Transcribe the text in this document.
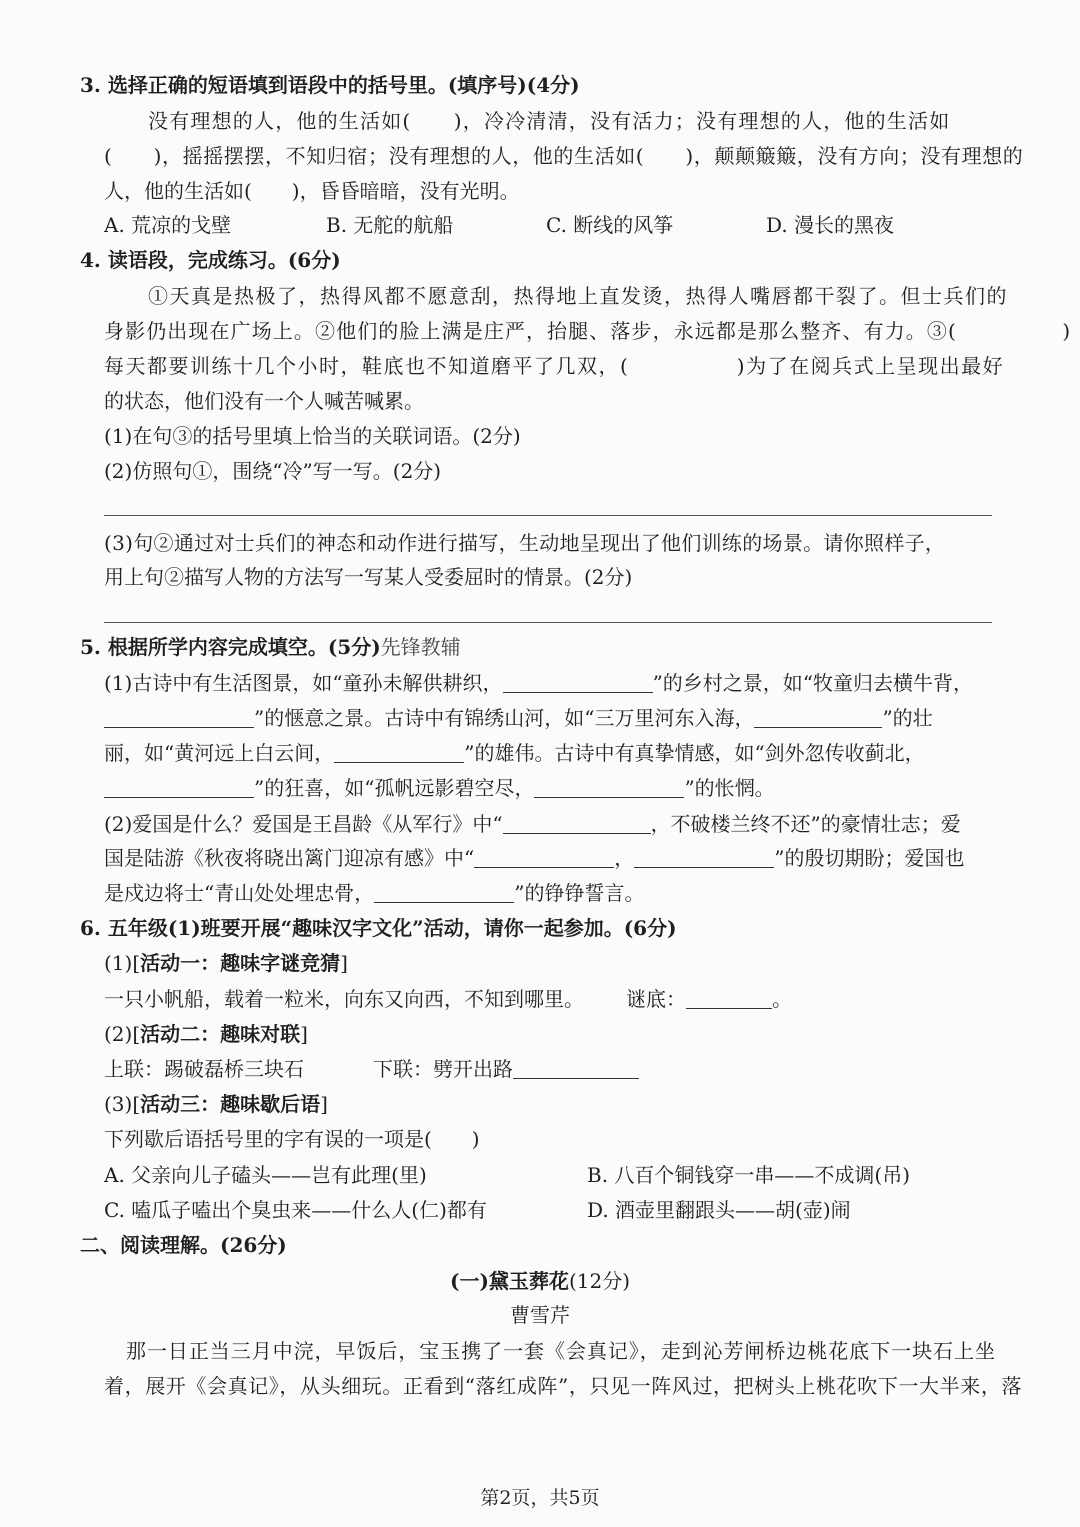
3. 选择正确的短语填到语段中的括号里。(填序号)(4分)
没有理想的人，他的生活如(　　)，冷冷清清，没有活力；没有理想的人，他的生活如
(　　)，摇摇摆摆，不知归宿；没有理想的人，他的生活如(　　)，颠颠簸簸，没有方向；没有理想的
人，他的生活如(　　)，昏昏暗暗，没有光明。
A. 荒凉的戈壁	B. 无舵的航船	C. 断线的风筝	D. 漫长的黑夜
4. 读语段，完成练习。(6分)
①天真是热极了，热得风都不愿意刮，热得地上直发烫，热得人嘴唇都干裂了。但士兵们的
身影仍出现在广场上。②他们的脸上满是庄严，抬腿、落步，永远都是那么整齐、有力。③(　　　　　)
每天都要训练十几个小时，鞋底也不知道磨平了几双，(　　　　　)为了在阅兵式上呈现出最好
的状态，他们没有一个人喊苦喊累。
(1)在句③的括号里填上恰当的关联词语。(2分)
(2)仿照句①，围绕“冷”写一写。(2分)
(3)句②通过对士兵们的神态和动作进行描写，生动地呈现出了他们训练的场景。请你照样子，
用上句②描写人物的方法写一写某人受委屈时的情景。(2分)
5. 根据所学内容完成填空。(5分)先锋教辅
(1)古诗中有生活图景，如“童孙未解供耕织，	”的乡村之景，如“牧童归去横牛背，
”的惬意之景。古诗中有锦绣山河，如“三万里河东入海，	”的壮
丽，如“黄河远上白云间，	”的雄伟。古诗中有真挚情感，如“剑外忽传收蓟北，
”的狂喜，如“孤帆远影碧空尽，	”的怅惘。
(2)爱国是什么？爱国是王昌龄《从军行》中“	，不破楼兰终不还”的豪情壮志；爱
国是陆游《秋夜将晓出篱门迎凉有感》中“	，	”的殷切期盼；爱国也
是戍边将士“青山处处埋忠骨，	”的铮铮誓言。
6. 五年级(1)班要开展“趣味汉字文化”活动，请你一起参加。(6分)
(1)[活动一：趣味字谜竞猜]
一只小帆船，载着一粒米，向东又向西，不知到哪里。 谜底：	。
(2)[活动二：趣味对联]
上联：踢破磊桥三块石	下联：劈开出路
(3)[活动三：趣味歇后语]
下列歇后语括号里的字有误的一项是(　　)
A. 父亲向儿子磕头——岂有此理(里)	B. 八百个铜钱穿一串——不成调(吊)
C. 嗑瓜子嗑出个臭虫来——什么人(仁)都有	D. 酒壶里翻跟头——胡(壶)闹
二、阅读理解。(26分)
(一)黛玉葬花(12分)
曹雪芹
那一日正当三月中浣，早饭后，宝玉携了一套《会真记》，走到沁芳闸桥边桃花底下一块石上坐
着，展开《会真记》，从头细玩。正看到“落红成阵”，只见一阵风过，把树头上桃花吹下一大半来，落
第2页，共5页
